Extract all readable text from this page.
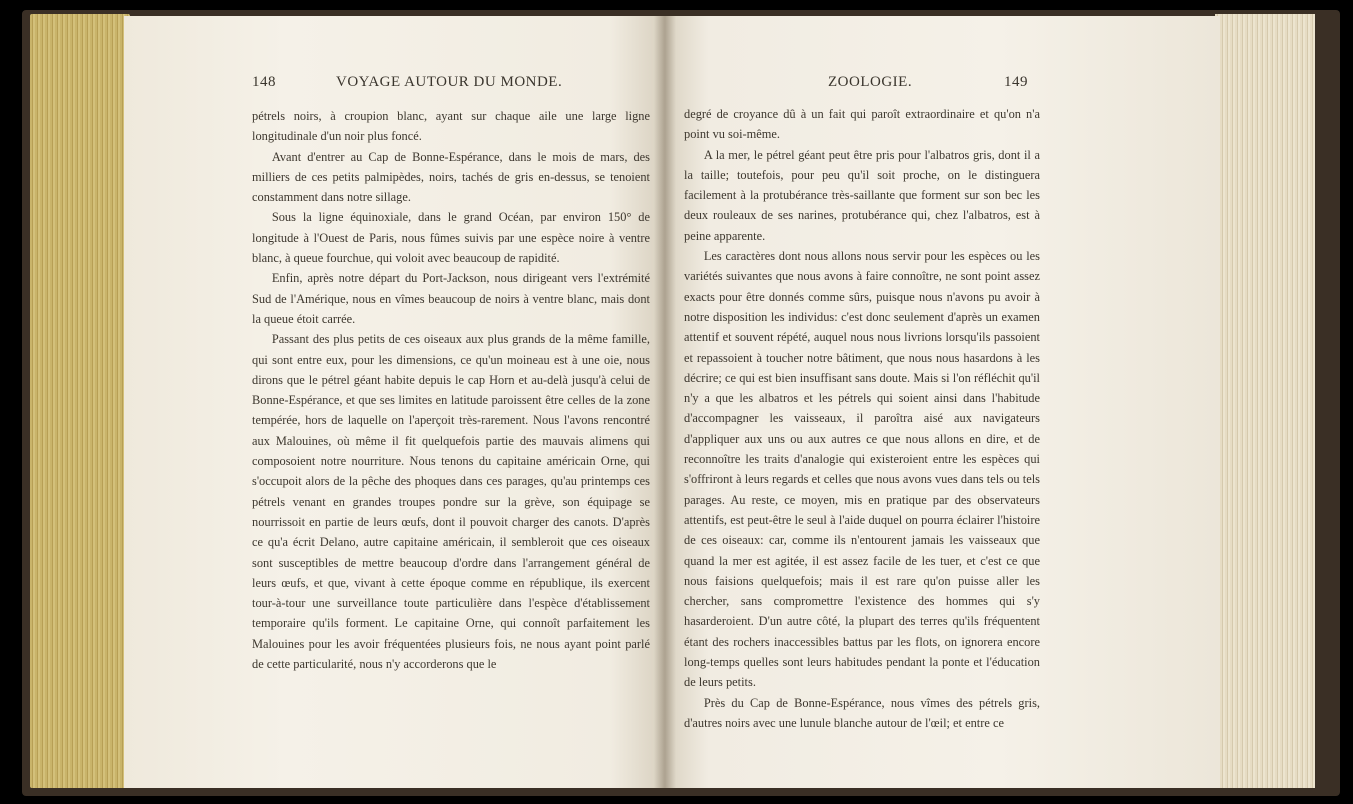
148	VOYAGE AUTOUR DU MONDE.

pétrels noirs, à croupion blanc, ayant sur chaque aile une large ligne longitudinale d'un noir plus foncé.

Avant d'entrer au Cap de Bonne-Espérance, dans le mois de mars, des milliers de ces petits palmipèdes, noirs, tachés de gris en-dessus, se tenoient constamment dans notre sillage.

Sous la ligne équinoxiale, dans le grand Océan, par environ 150° de longitude à l'Ouest de Paris, nous fûmes suivis par une espèce noire à ventre blanc, à queue fourchue, qui voloit avec beaucoup de rapidité.

Enfin, après notre départ du Port-Jackson, nous dirigeant vers l'extrémité Sud de l'Amérique, nous en vîmes beaucoup de noirs à ventre blanc, mais dont la queue étoit carrée.

Passant des plus petits de ces oiseaux aux plus grands de la même famille, qui sont entre eux, pour les dimensions, ce qu'un moineau est à une oie, nous dirons que le pétrel géant habite depuis le cap Horn et au-delà jusqu'à celui de Bonne-Espérance, et que ses limites en latitude paroissent être celles de la zone tempérée, hors de laquelle on l'aperçoit très-rarement. Nous l'avons rencontré aux Malouines, où même il fit quelquefois partie des mauvais alimens qui composoient notre nourriture. Nous tenons du capitaine américain Orne, qui s'occupoit alors de la pêche des phoques dans ces parages, qu'au printemps ces pétrels venant en grandes troupes pondre sur la grève, son équipage se nourrissoit en partie de leurs œufs, dont il pouvoit charger des canots. D'après ce qu'a écrit Delano, autre capitaine américain, il sembleroit que ces oiseaux sont susceptibles de mettre beaucoup d'ordre dans l'arrangement général de leurs œufs, et que, vivant à cette époque comme en république, ils exercent tour-à-tour une surveillance toute particulière dans l'espèce d'établissement temporaire qu'ils forment. Le capitaine Orne, qui connoît parfaitement les Malouines pour les avoir fréquentées plusieurs fois, ne nous ayant point parlé de cette particularité, nous n'y accorderons que le

ZOOLOGIE.	149

degré de croyance dû à un fait qui paroît extraordinaire et qu'on n'a point vu soi-même.

A la mer, le pétrel géant peut être pris pour l'albatros gris, dont il a la taille; toutefois, pour peu qu'il soit proche, on le distinguera facilement à la protubérance très-saillante que forment sur son bec les deux rouleaux de ses narines, protubérance qui, chez l'albatros, est à peine apparente.

Les caractères dont nous allons nous servir pour les espèces ou les variétés suivantes que nous avons à faire connoître, ne sont point assez exacts pour être donnés comme sûrs, puisque nous n'avons pu avoir à notre disposition les individus: c'est donc seulement d'après un examen attentif et souvent répété, auquel nous nous livrions lorsqu'ils passoient et repassoient à toucher notre bâtiment, que nous nous hasardons à les décrire; ce qui est bien insuffisant sans doute. Mais si l'on réfléchit qu'il n'y a que les albatros et les pétrels qui soient ainsi dans l'habitude d'accompagner les vaisseaux, il paroîtra aisé aux navigateurs d'appliquer aux uns ou aux autres ce que nous allons en dire, et de reconnoître les traits d'analogie qui existeroient entre les espèces qui s'offriront à leurs regards et celles que nous avons vues dans tels ou tels parages. Au reste, ce moyen, mis en pratique par des observateurs attentifs, est peut-être le seul à l'aide duquel on pourra éclairer l'histoire de ces oiseaux: car, comme ils n'entourent jamais les vaisseaux que quand la mer est agitée, il est assez facile de les tuer, et c'est ce que nous faisions quelquefois; mais il est rare qu'on puisse aller les chercher, sans compromettre l'existence des hommes qui s'y hasarderoient. D'un autre côté, la plupart des terres qu'ils fréquentent étant des rochers inaccessibles battus par les flots, on ignorera encore long-temps quelles sont leurs habitudes pendant la ponte et l'éducation de leurs petits.

Près du Cap de Bonne-Espérance, nous vîmes des pétrels gris, d'autres noirs avec une lunule blanche autour de l'œil; et entre ce
